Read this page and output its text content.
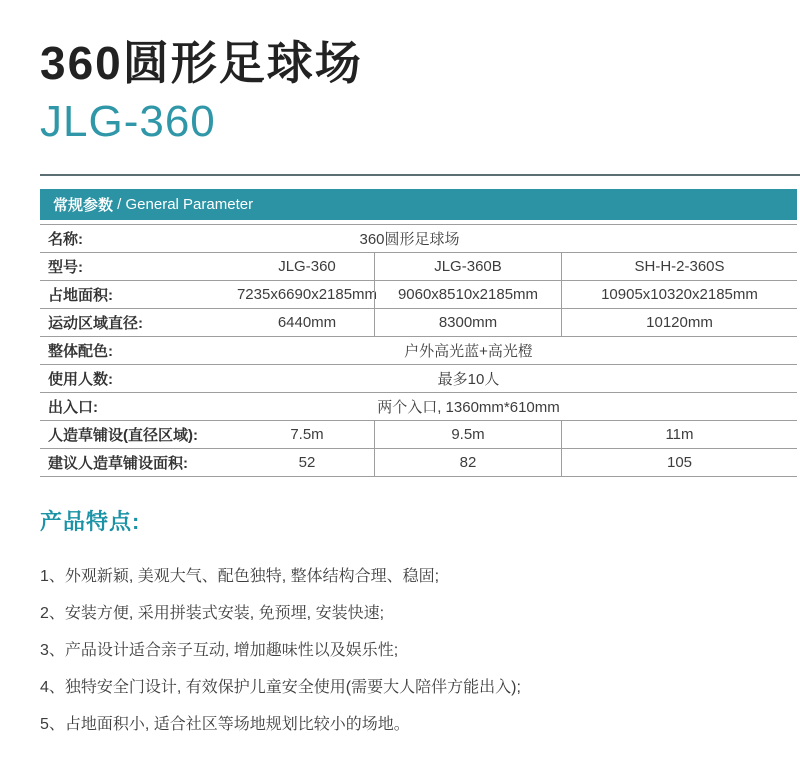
360圆形足球场
JLG-360
常规参数 / General Parameter
名称:	360圆形足球场
型号:	JLG-360	JLG-360B	SH-H-2-360S
占地面积:	7235x6690x2185mm	9060x8510x2185mm	10905x10320x2185mm
运动区域直径:	6440mm	8300mm	10120mm
整体配色:	户外高光蓝+高光橙
使用人数:	最多10人
出入口:	两个入口, 1360mm*610mm
人造草铺设(直径区域):	7.5m	9.5m	11m
建议人造草铺设面积:	52	82	105
产品特点:
1、外观新颖, 美观大气、配色独特, 整体结构合理、稳固;
2、安装方便, 采用拼装式安装, 免预埋, 安装快速;
3、产品设计适合亲子互动, 增加趣味性以及娱乐性;
4、独特安全门设计, 有效保护儿童安全使用(需要大人陪伴方能出入);
5、占地面积小, 适合社区等场地规划比较小的场地。
